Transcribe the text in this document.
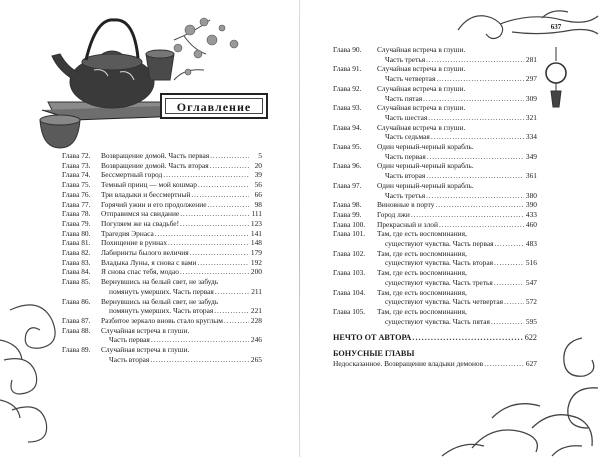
Оглавление
637
Глава 72.	Возвращение домой. Часть первая . . .	5
Глава 73.	Возвращение домой. Часть вторая . . .	20
Глава 74.	Бессмертный город . . .	39
Глава 75.	Темный принц — мой кошмар . . .	56
Глава 76.	Три владыки и бессмертный . . .	66
Глава 77.	Горячий ужин и его продолжение . . .	98
Глава 78.	Отправимся на свидание . . .	111
Глава 79.	Погуляем же на свадьбе! . . .	123
Глава 80.	Трагедия Эрнаса . . .	141
Глава 81.	Похищение в руинах . . .	148
Глава 82.	Лабиринты былого величия . . .	179
Глава 83.	Владыка Луны, я снова с вами . . .	192
Глава 84.	Я снова спас тебя, модао . . .	200
Глава 85.	Вернувшись на белый свет, не забудь
помянуть умерших. Часть первая . . .	211
Глава 86.	Вернувшись на белый свет, не забудь
помянуть умерших. Часть вторая . . .	221
Глава 87.	Разбитое зеркало вновь стало круглым . . .	228
Глава 88.	Случайная встреча в глуши.
Часть первая . . .	246
Глава 89.	Случайная встреча в глуши.
Часть вторая . . .	265
Глава 90.	Случайная встреча в глуши.
Часть третья . . .	281
Глава 91.	Случайная встреча в глуши.
Часть четвертая . . .	297
Глава 92.	Случайная встреча в глуши.
Часть пятая . . .	309
Глава 93.	Случайная встреча в глуши.
Часть шестая . . .	321
Глава 94.	Случайная встреча в глуши.
Часть седьмая . . .	334
Глава 95.	Один черный-черный корабль.
Часть первая . . .	349
Глава 96.	Один черный-черный корабль.
Часть вторая . . .	361
Глава 97.	Один черный-черный корабль.
Часть третья . . .	380
Глава 98.	Виновные в порту . . .	390
Глава 99.	Город лжи . . .	433
Глава 100.	Прекрасный и злой . . .	460
Глава 101.	Там, где есть воспоминания,
существуют чувства. Часть первая . . .	483
Глава 102.	Там, где есть воспоминания,
существуют чувства. Часть вторая . . .	516
Глава 103.	Там, где есть воспоминания,
существуют чувства. Часть третья . . .	547
Глава 104.	Там, где есть воспоминания,
существуют чувства. Часть четвертая . . .	572
Глава 105.	Там, где есть воспоминания,
существуют чувства. Часть пятая . . .	595
НЕЧТО ОТ АВТОРА . . .	622
БОНУСНЫЕ ГЛАВЫ
Недосказанное. Возвращение владыки демонов . . .	627
